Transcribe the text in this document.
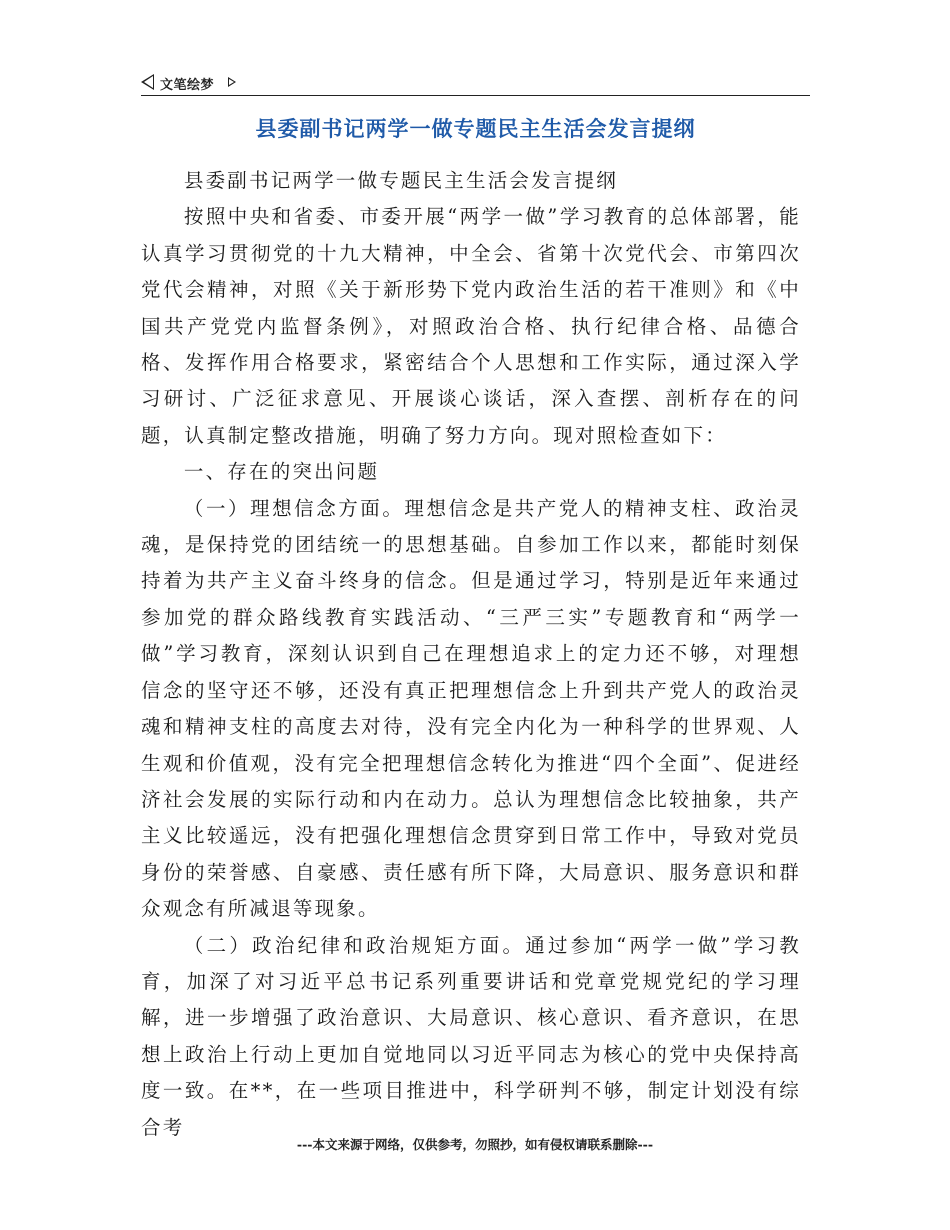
文笔绘梦
县委副书记两学一做专题民主生活会发言提纲

县委副书记两学一做专题民主生活会发言提纲

按照中央和省委、市委开展“两学一做”学习教育的总体部署，能认真学习贯彻党的十九大精神，中全会、省第十次党代会、市第四次党代会精神，对照《关于新形势下党内政治生活的若干准则》和《中国共产党党内监督条例》，对照政治合格、执行纪律合格、品德合格、发挥作用合格要求，紧密结合个人思想和工作实际，通过深入学习研讨、广泛征求意见、开展谈心谈话，深入查摆、剖析存在的问题，认真制定整改措施，明确了努力方向。现对照检查如下：

一、存在的突出问题

（一）理想信念方面。理想信念是共产党人的精神支柱、政治灵魂，是保持党的团结统一的思想基础。自参加工作以来，都能时刻保持着为共产主义奋斗终身的信念。但是通过学习，特别是近年来通过参加党的群众路线教育实践活动、“三严三实”专题教育和“两学一做”学习教育，深刻认识到自己在理想追求上的定力还不够，对理想信念的坚守还不够，还没有真正把理想信念上升到共产党人的政治灵魂和精神支柱的高度去对待，没有完全内化为一种科学的世界观、人生观和价值观，没有完全把理想信念转化为推进“四个全面”、促进经济社会发展的实际行动和内在动力。总认为理想信念比较抽象，共产主义比较遥远，没有把强化理想信念贯穿到日常工作中，导致对党员身份的荣誉感、自豪感、责任感有所下降，大局意识、服务意识和群众观念有所减退等现象。

（二）政治纪律和政治规矩方面。通过参加“两学一做”学习教育，加深了对习近平总书记系列重要讲话和党章党规党纪的学习理解，进一步增强了政治意识、大局意识、核心意识、看齐意识，在思想上政治上行动上更加自觉地同以习近平同志为核心的党中央保持高度一致。在**，在一些项目推进中，科学研判不够，制定计划没有综合考

---本文来源于网络，仅供参考，勿照抄，如有侵权请联系删除---
